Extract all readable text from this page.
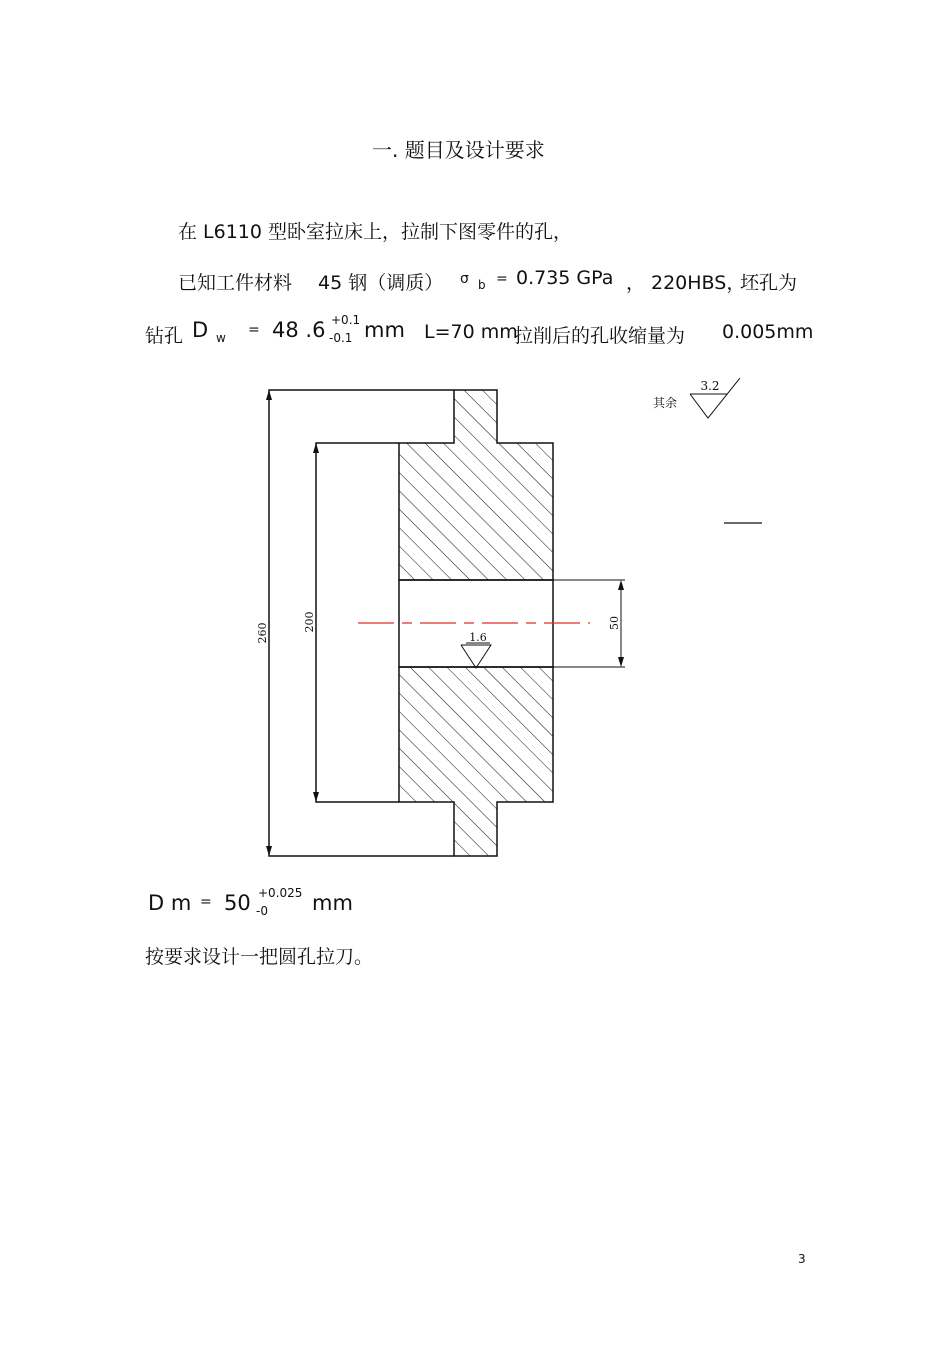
一. 题目及设计要求
在 L6110 型卧室拉床上，拉制下图零件的孔，
已知工件材料 45 钢（调质） σ b = 0.735 GPa ， 220HBS，
坯孔为
钻孔 D w = 48 .6 +0.1
-0.1 mm L=70 mm
拉削后的孔收缩量为 0.005mm
260
200	50
1.6
其余
3.2
D m = 50 +0.025
-0 mm
按要求设计一把圆孔拉刀。
3
